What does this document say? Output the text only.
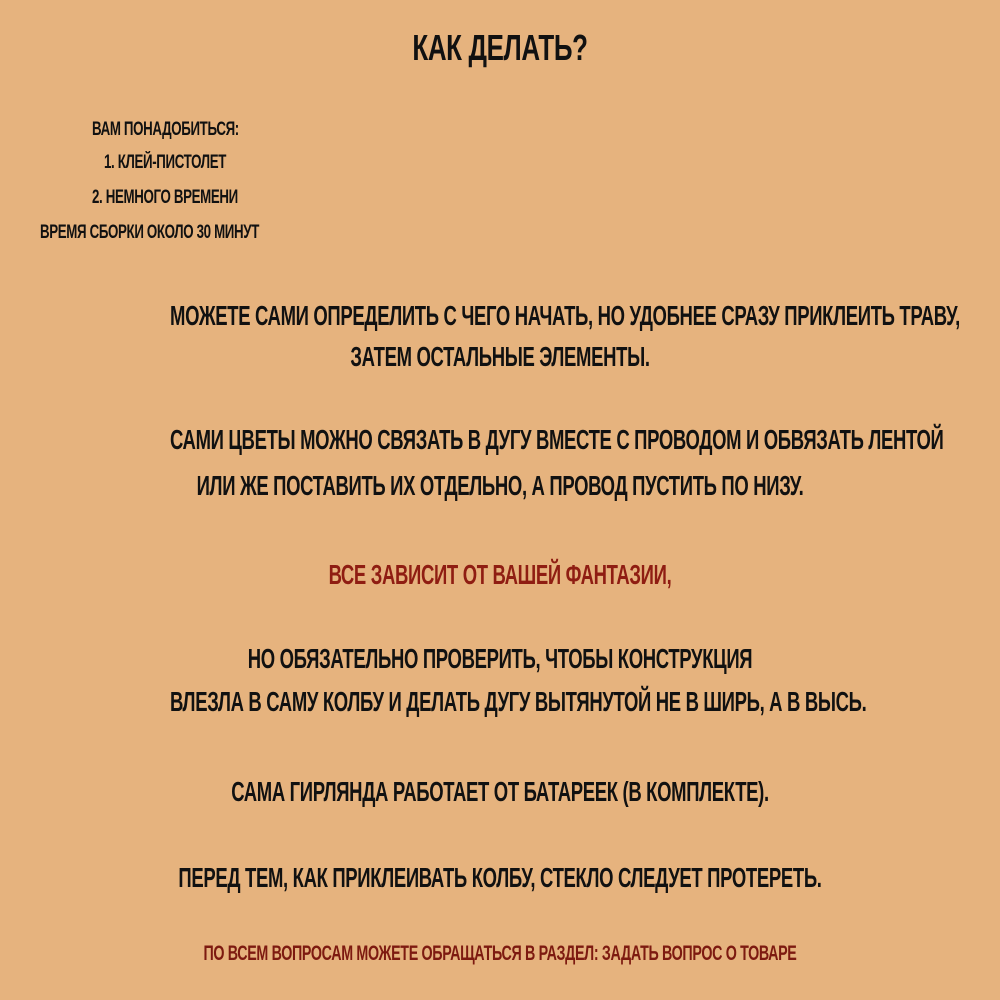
КАК ДЕЛАТЬ?
ВАМ ПОНАДОБИТЬСЯ:
1. КЛЕЙ-ПИСТОЛЕТ
2. НЕМНОГО ВРЕМЕНИ
ВРЕМЯ СБОРКИ ОКОЛО 30 МИНУТ
МОЖЕТЕ САМИ ОПРЕДЕЛИТЬ С ЧЕГО НАЧАТЬ, НО УДОБНЕЕ СРАЗУ ПРИКЛЕИТЬ ТРАВУ,
ЗАТЕМ ОСТАЛЬНЫЕ ЭЛЕМЕНТЫ.
САМИ ЦВЕТЫ МОЖНО СВЯЗАТЬ В ДУГУ ВМЕСТЕ С ПРОВОДОМ И ОБВЯЗАТЬ ЛЕНТОЙ
ИЛИ ЖЕ ПОСТАВИТЬ ИХ ОТДЕЛЬНО, А ПРОВОД ПУСТИТЬ ПО НИЗУ.
ВСЕ ЗАВИСИТ ОТ ВАШЕЙ ФАНТАЗИИ,
НО ОБЯЗАТЕЛЬНО ПРОВЕРИТЬ, ЧТОБЫ КОНСТРУКЦИЯ
ВЛЕЗЛА В САМУ КОЛБУ И ДЕЛАТЬ ДУГУ ВЫТЯНУТОЙ НЕ В ШИРЬ, А В ВЫСЬ.
САМА ГИРЛЯНДА РАБОТАЕТ ОТ БАТАРЕЕК (В КОМПЛЕКТЕ).
ПЕРЕД ТЕМ, КАК ПРИКЛЕИВАТЬ КОЛБУ, СТЕКЛО СЛЕДУЕТ ПРОТЕРЕТЬ.
ПО ВСЕМ ВОПРОСАМ МОЖЕТЕ ОБРАЩАТЬСЯ В РАЗДЕЛ: ЗАДАТЬ ВОПРОС О ТОВАРЕ
